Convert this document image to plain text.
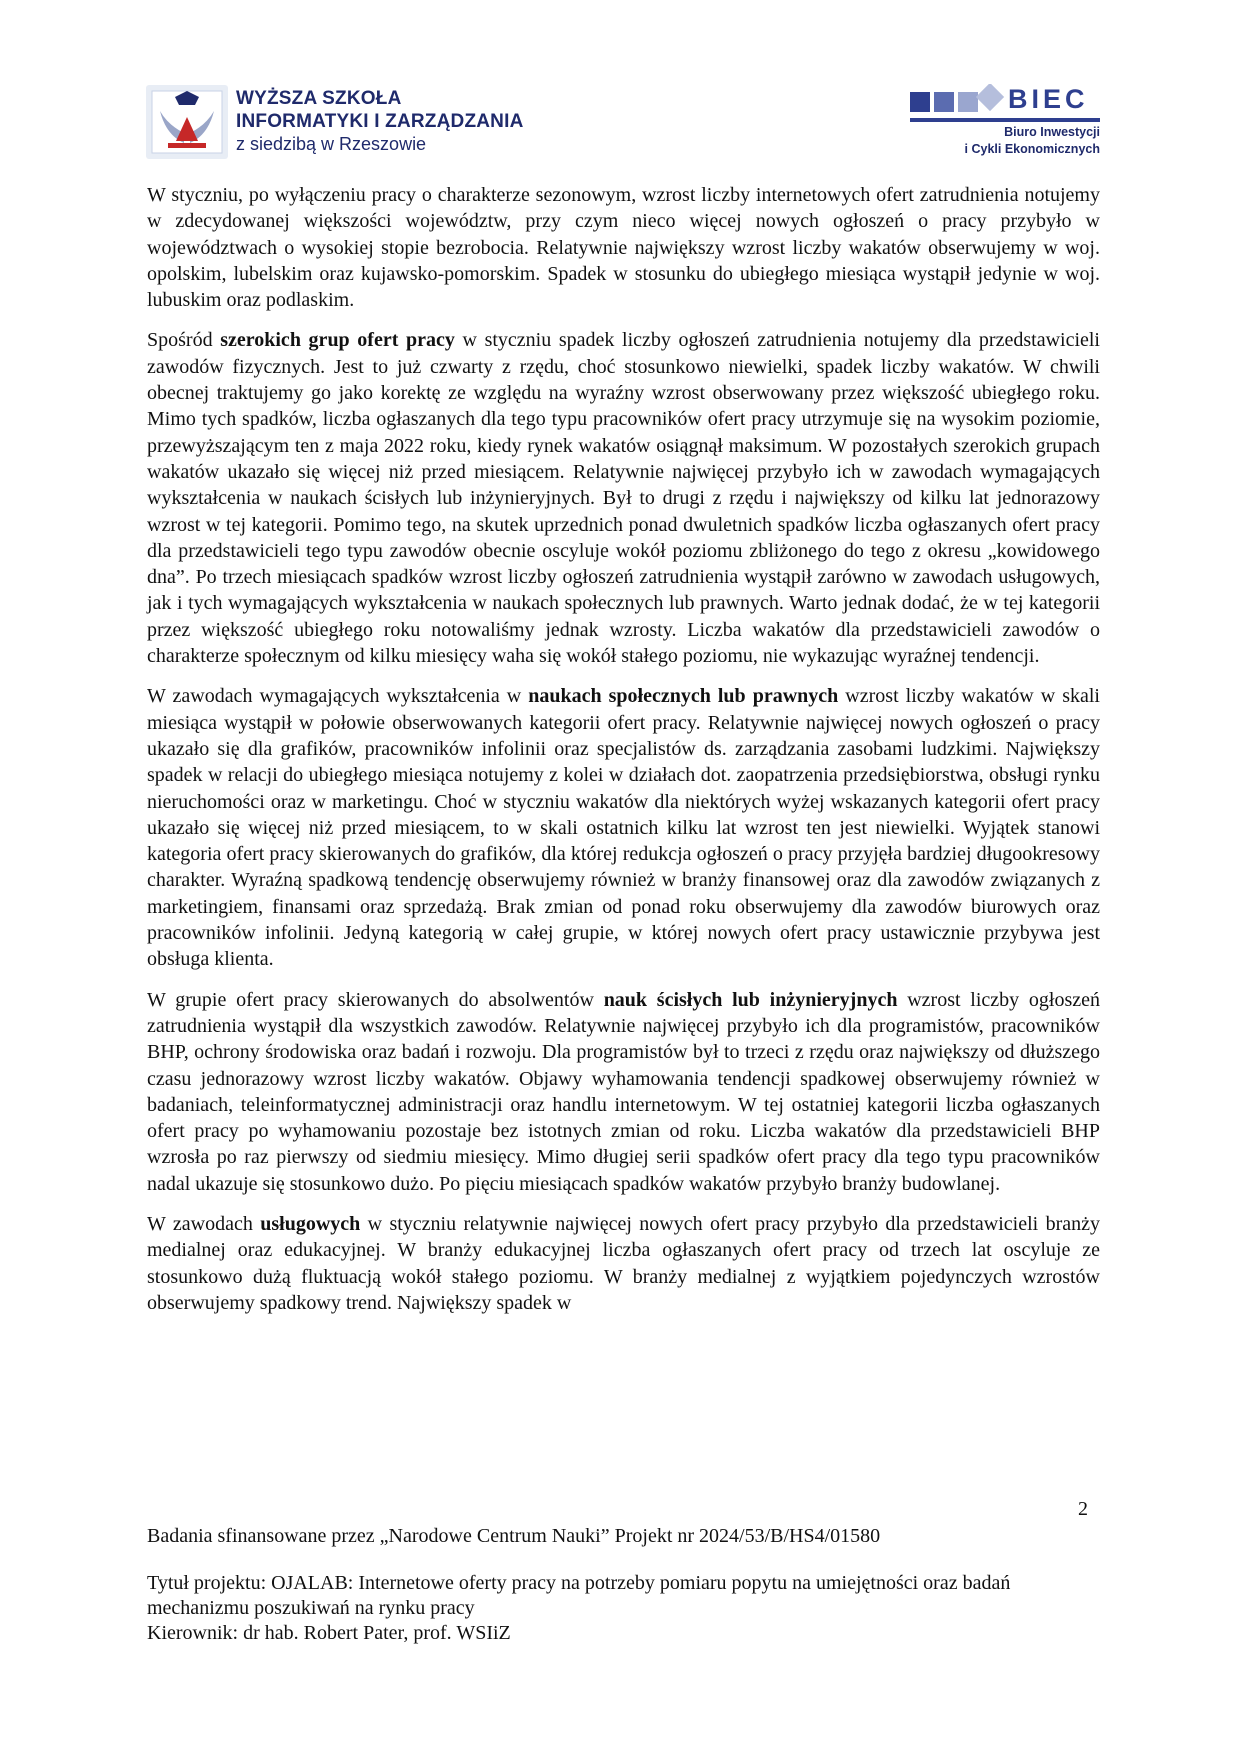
WYŻSZA SZKOŁA
INFORMATYKI I ZARZĄDZANIA
z siedzibą w Rzeszowie
BIEC
Biuro Inwestycji
i Cykli Ekonomicznych

W styczniu, po wyłączeniu pracy o charakterze sezonowym, wzrost liczby internetowych ofert zatrudnienia notujemy w zdecydowanej większości województw, przy czym nieco więcej nowych ogłoszeń o pracy przybyło w województwach o wysokiej stopie bezrobocia. Relatywnie największy wzrost liczby wakatów obserwujemy w woj. opolskim, lubelskim oraz kujawsko-pomorskim. Spadek w stosunku do ubiegłego miesiąca wystąpił jedynie w woj. lubuskim oraz podlaskim.

Spośród szerokich grup ofert pracy w styczniu spadek liczby ogłoszeń zatrudnienia notujemy dla przedstawicieli zawodów fizycznych. Jest to już czwarty z rzędu, choć stosunkowo niewielki, spadek liczby wakatów. W chwili obecnej traktujemy go jako korektę ze względu na wyraźny wzrost obserwowany przez większość ubiegłego roku. Mimo tych spadków, liczba ogłaszanych dla tego typu pracowników ofert pracy utrzymuje się na wysokim poziomie, przewyższającym ten z maja 2022 roku, kiedy rynek wakatów osiągnął maksimum. W pozostałych szerokich grupach wakatów ukazało się więcej niż przed miesiącem. Relatywnie najwięcej przybyło ich w zawodach wymagających wykształcenia w naukach ścisłych lub inżynieryjnych. Był to drugi z rzędu i największy od kilku lat jednorazowy wzrost w tej kategorii. Pomimo tego, na skutek uprzednich ponad dwuletnich spadków liczba ogłaszanych ofert pracy dla przedstawicieli tego typu zawodów obecnie oscyluje wokół poziomu zbliżonego do tego z okresu „kowidowego dna”. Po trzech miesiącach spadków wzrost liczby ogłoszeń zatrudnienia wystąpił zarówno w zawodach usługowych, jak i tych wymagających wykształcenia w naukach społecznych lub prawnych. Warto jednak dodać, że w tej kategorii przez większość ubiegłego roku notowaliśmy jednak wzrosty. Liczba wakatów dla przedstawicieli zawodów o charakterze społecznym od kilku miesięcy waha się wokół stałego poziomu, nie wykazując wyraźnej tendencji.

W zawodach wymagających wykształcenia w naukach społecznych lub prawnych wzrost liczby wakatów w skali miesiąca wystąpił w połowie obserwowanych kategorii ofert pracy. Relatywnie najwięcej nowych ogłoszeń o pracy ukazało się dla grafików, pracowników infolinii oraz specjalistów ds. zarządzania zasobami ludzkimi. Największy spadek w relacji do ubiegłego miesiąca notujemy z kolei w działach dot. zaopatrzenia przedsiębiorstwa, obsługi rynku nieruchomości oraz w marketingu. Choć w styczniu wakatów dla niektórych wyżej wskazanych kategorii ofert pracy ukazało się więcej niż przed miesiącem, to w skali ostatnich kilku lat wzrost ten jest niewielki. Wyjątek stanowi kategoria ofert pracy skierowanych do grafików, dla której redukcja ogłoszeń o pracy przyjęła bardziej długookresowy charakter. Wyraźną spadkową tendencję obserwujemy również w branży finansowej oraz dla zawodów związanych z marketingiem, finansami oraz sprzedażą. Brak zmian od ponad roku obserwujemy dla zawodów biurowych oraz pracowników infolinii. Jedyną kategorią w całej grupie, w której nowych ofert pracy ustawicznie przybywa jest obsługa klienta.

W grupie ofert pracy skierowanych do absolwentów nauk ścisłych lub inżynieryjnych wzrost liczby ogłoszeń zatrudnienia wystąpił dla wszystkich zawodów. Relatywnie najwięcej przybyło ich dla programistów, pracowników BHP, ochrony środowiska oraz badań i rozwoju. Dla programistów był to trzeci z rzędu oraz największy od dłuższego czasu jednorazowy wzrost liczby wakatów. Objawy wyhamowania tendencji spadkowej obserwujemy również w badaniach, teleinformatycznej administracji oraz handlu internetowym. W tej ostatniej kategorii liczba ogłaszanych ofert pracy po wyhamowaniu pozostaje bez istotnych zmian od roku. Liczba wakatów dla przedstawicieli BHP wzrosła po raz pierwszy od siedmiu miesięcy. Mimo długiej serii spadków ofert pracy dla tego typu pracowników nadal ukazuje się stosunkowo dużo. Po pięciu miesiącach spadków wakatów przybyło branży budowlanej.

W zawodach usługowych w styczniu relatywnie najwięcej nowych ofert pracy przybyło dla przedstawicieli branży medialnej oraz edukacyjnej. W branży edukacyjnej liczba ogłaszanych ofert pracy od trzech lat oscyluje ze stosunkowo dużą fluktuacją wokół stałego poziomu. W branży medialnej z wyjątkiem pojedynczych wzrostów obserwujemy spadkowy trend. Największy spadek w

2
Badania sfinansowane przez „Narodowe Centrum Nauki” Projekt nr 2024/53/B/HS4/01580
Tytuł projektu: OJALAB: Internetowe oferty pracy na potrzeby pomiaru popytu na umiejętności oraz badań mechanizmu poszukiwań na rynku pracy
Kierownik: dr hab. Robert Pater, prof. WSIiZ
